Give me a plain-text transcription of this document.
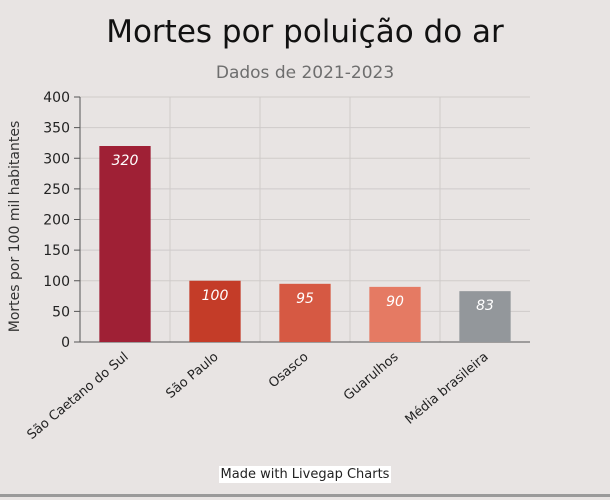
Mortes por poluição do ar
Dados de 2021-2023
0
50
100
150
200
250
300
350
400
Mortes por 100 mil habitantes	320
São Caetano do Sul
100
São Paulo
95
Osasco
90
Guarulhos
83
Média brasileira
Made with Livegap Charts
